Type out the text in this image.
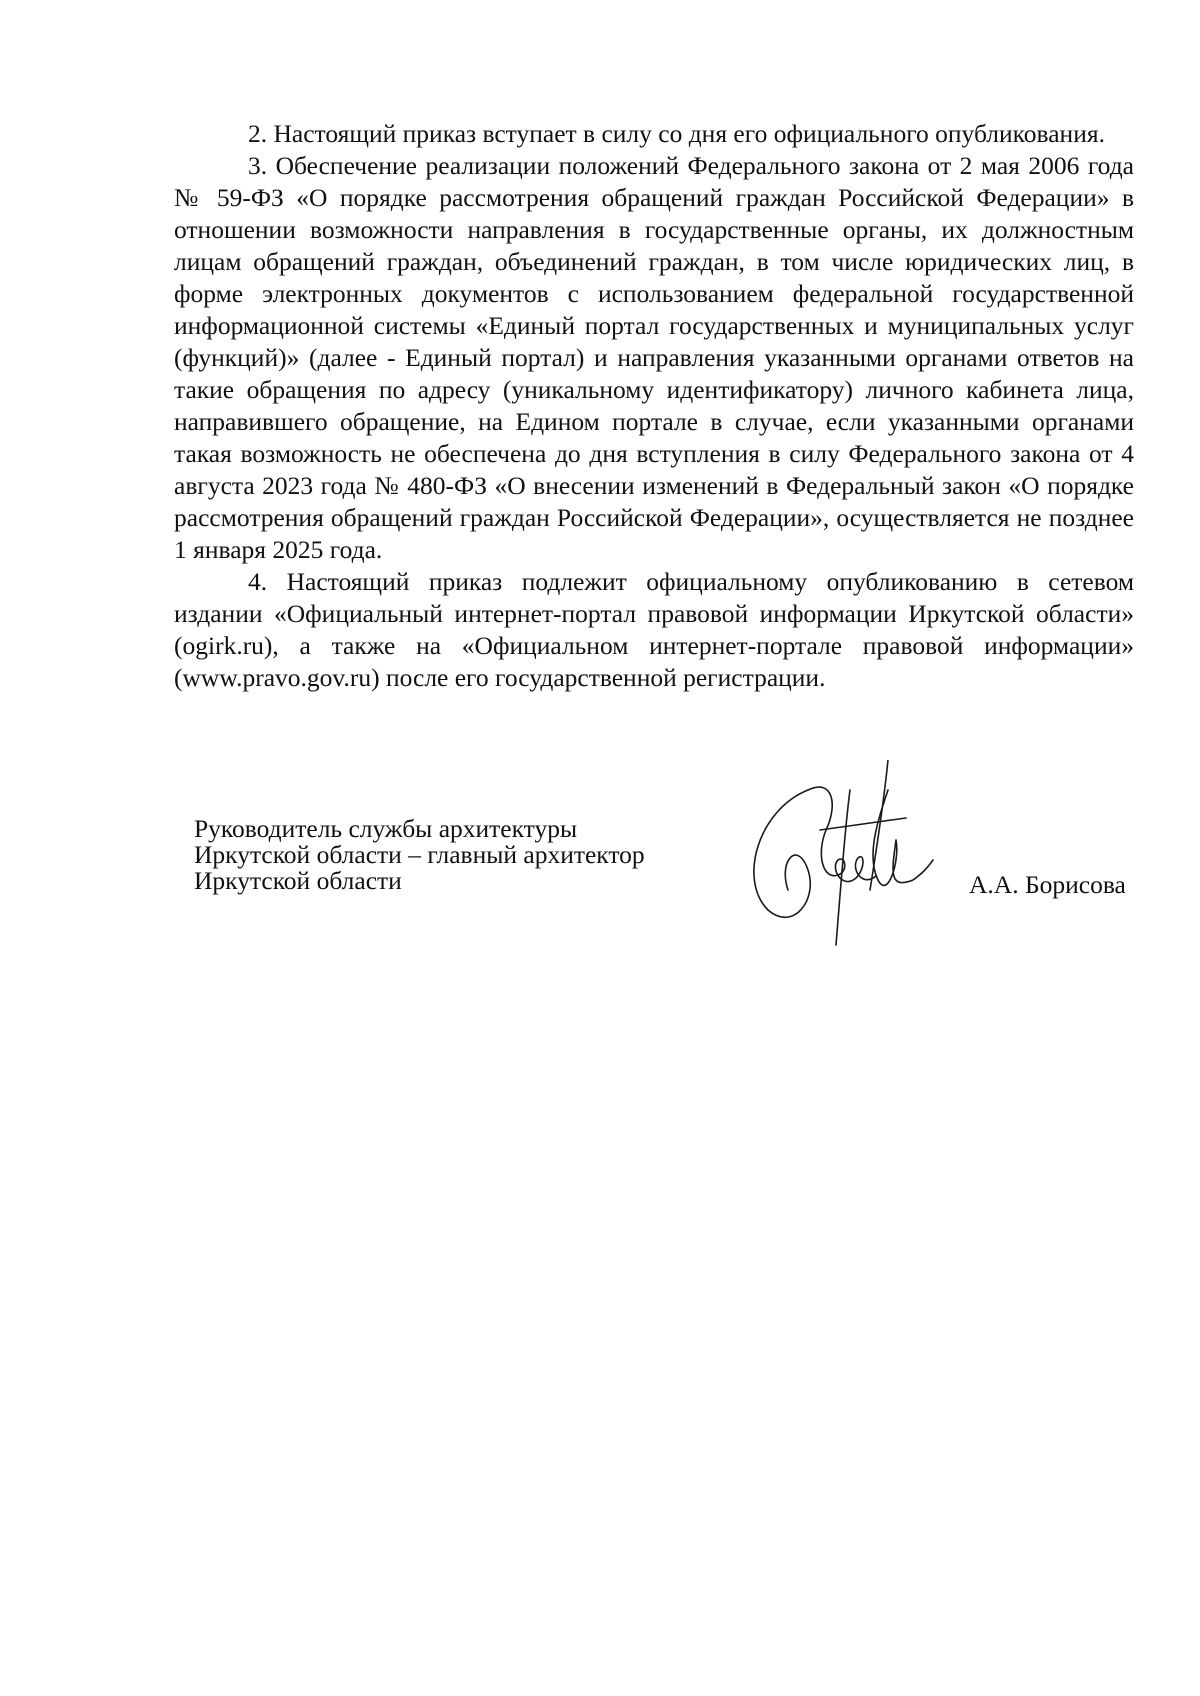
2. Настоящий приказ вступает в силу со дня его официального опубликования.

3. Обеспечение реализации положений Федерального закона от 2 мая 2006 года № 59-ФЗ «О порядке рассмотрения обращений граждан Российской Федерации» в отношении возможности направления в государственные органы, их должностным лицам обращений граждан, объединений граждан, в том числе юридических лиц, в форме электронных документов с использованием федеральной государственной информационной системы «Единый портал государственных и муниципальных услуг (функций)» (далее - Единый портал) и направления указанными органами ответов на такие обращения по адресу (уникальному идентификатору) личного кабинета лица, направившего обращение, на Едином портале в случае, если указанными органами такая возможность не обеспечена до дня вступления в силу Федерального закона от 4 августа 2023 года № 480-ФЗ «О внесении изменений в Федеральный закон «О порядке рассмотрения обращений граждан Российской Федерации», осуществляется не позднее 1 января 2025 года.

4. Настоящий приказ подлежит официальному опубликованию в сетевом издании «Официальный интернет-портал правовой информации Иркутской области» (ogirk.ru), а также на «Официальном интернет-портале правовой информации» (www.pravo.gov.ru) после его государственной регистрации.

Руководитель службы архитектуры
Иркутской области – главный архитектор
Иркутской области	А.А. Борисова
